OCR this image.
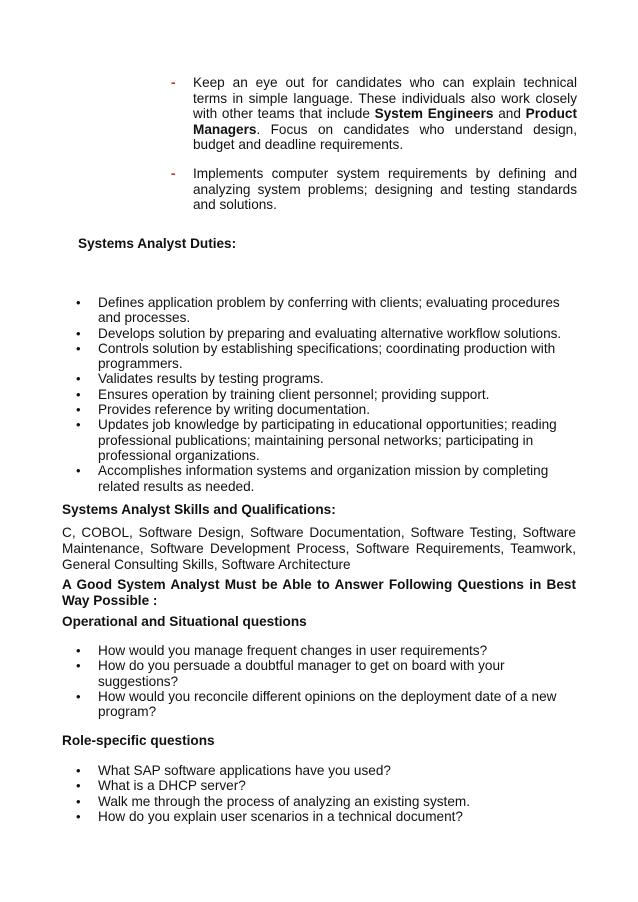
- Keep an eye out for candidates who can explain technical terms in simple language. These individuals also work closely with other teams that include System Engineers and Product Managers. Focus on candidates who understand design, budget and deadline requirements.
- Implements computer system requirements by defining and analyzing system problems; designing and testing standards and solutions.
Systems Analyst Duties:
• Defines application problem by conferring with clients; evaluating procedures and processes.
• Develops solution by preparing and evaluating alternative workflow solutions.
• Controls solution by establishing specifications; coordinating production with programmers.
• Validates results by testing programs.
• Ensures operation by training client personnel; providing support.
• Provides reference by writing documentation.
• Updates job knowledge by participating in educational opportunities; reading professional publications; maintaining personal networks; participating in professional organizations.
• Accomplishes information systems and organization mission by completing related results as needed.
Systems Analyst Skills and Qualifications:

C, COBOL, Software Design, Software Documentation, Software Testing, Software Maintenance, Software Development Process, Software Requirements, Teamwork, General Consulting Skills, Software Architecture

A Good System Analyst Must be Able to Answer Following Questions in Best Way Possible :

Operational and Situational questions
• How would you manage frequent changes in user requirements?
• How do you persuade a doubtful manager to get on board with your suggestions?
• How would you reconcile different opinions on the deployment date of a new program?
Role-specific questions
• What SAP software applications have you used?
• What is a DHCP server?
• Walk me through the process of analyzing an existing system.
• How do you explain user scenarios in a technical document?
